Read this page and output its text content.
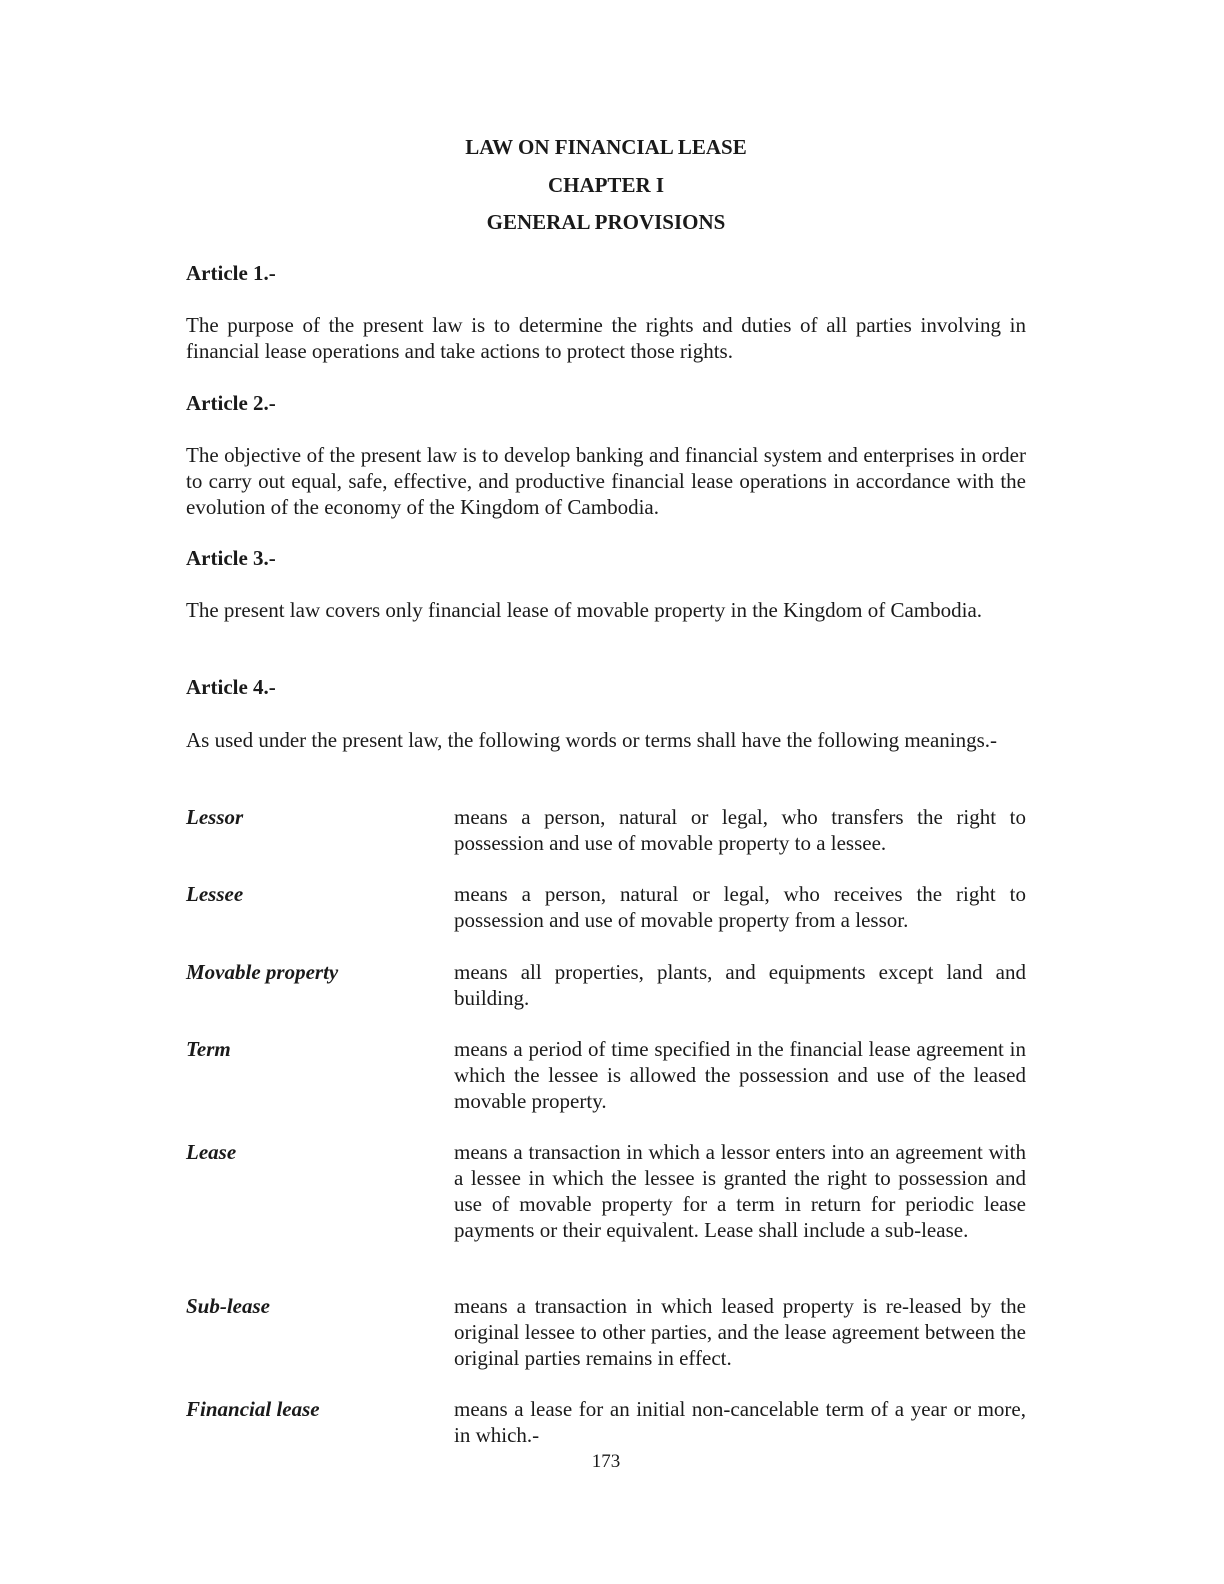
LAW ON FINANCIAL LEASE
CHAPTER I
GENERAL PROVISIONS
Article 1.-
The purpose of the present law is to determine the rights and duties of all parties involving in financial lease operations and take actions to protect those rights.
Article 2.-
The objective of the present law is to develop banking and financial system and enterprises in order to carry out equal, safe, effective, and productive financial lease operations in accordance with the evolution of the economy of the Kingdom of Cambodia.
Article 3.-
The present law covers only financial lease of movable property in the Kingdom of Cambodia.
Article 4.-
As used under the present law, the following words or terms shall have the following meanings.-
Lessor	means a person, natural or legal, who transfers the right to possession and use of movable property to a lessee.
Lessee	means a person, natural or legal, who receives the right to possession and use of movable property from a lessor.
Movable property	means all properties, plants, and equipments except land and building.
Term	means a period of time specified in the financial lease agreement in which the lessee is allowed the possession and use of the leased movable property.
Lease	means a transaction in which a lessor enters into an agreement with a lessee in which the lessee is granted the right to possession and use of movable property for a term in return for periodic lease payments or their equivalent. Lease shall include a sub-lease.
Sub-lease	means a transaction in which leased property is re-leased by the original lessee to other parties, and the lease agreement between the original parties remains in effect.
Financial lease	means a lease for an initial non-cancelable term of a year or more, in which.-
173
